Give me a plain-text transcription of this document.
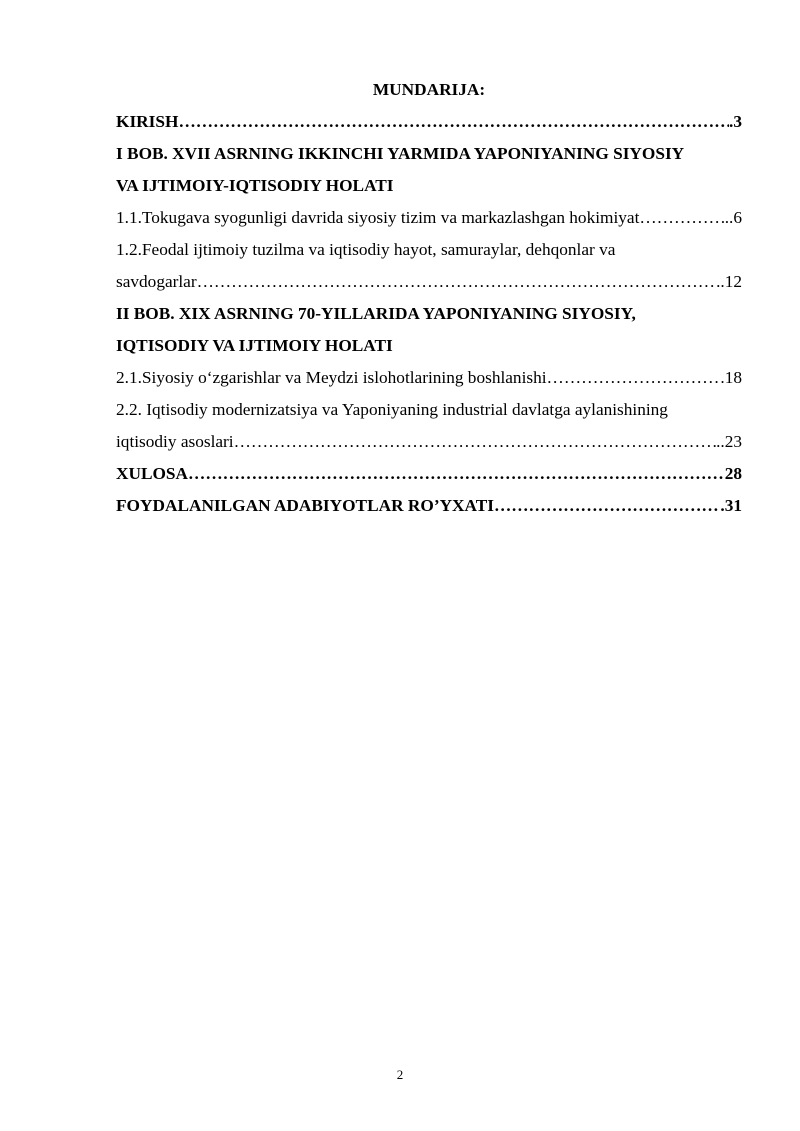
MUNDARIJA:
KIRISH ……………………………………………………………………………………………………………………………………………………………………	.3
I BOB. XVII ASRNING IKKINCHI YARMIDA YAPONIYANING SIYOSIY
VA IJTIMOIY-IQTISODIY HOLATI
1.1.Tokugava syogunligi davrida siyosiy tizim va markazlashgan hokimiyat ……………………………………………………………………………………………………………………………………………………………………	..6
1.2.Feodal ijtimoiy tuzilma va iqtisodiy hayot, samuraylar, dehqonlar va
savdogarlar ……………………………………………………………………………………………………………………………………………………………………	..12
II BOB. XIX ASRNING 70-YILLARIDA YAPONIYANING SIYOSIY,
IQTISODIY VA IJTIMOIY HOLATI
2.1.Siyosiy o‘zgarishlar va Meydzi islohotlarining boshlanishi ……………………………………………………………………………………………………………………………………………………………………	.18
2.2. Iqtisodiy modernizatsiya va Yaponiyaning industrial davlatga aylanishining
iqtisodiy asoslari ……………………………………………………………………………………………………………………………………………………………………	..23
XULOSA ……………………………………………………………………………………………………………………………………………………………………	28
FOYDALANILGAN ADABIYOTLAR RO’YXATI ……………………………………………………………………………………………………………………………………………………………………	.31
2
